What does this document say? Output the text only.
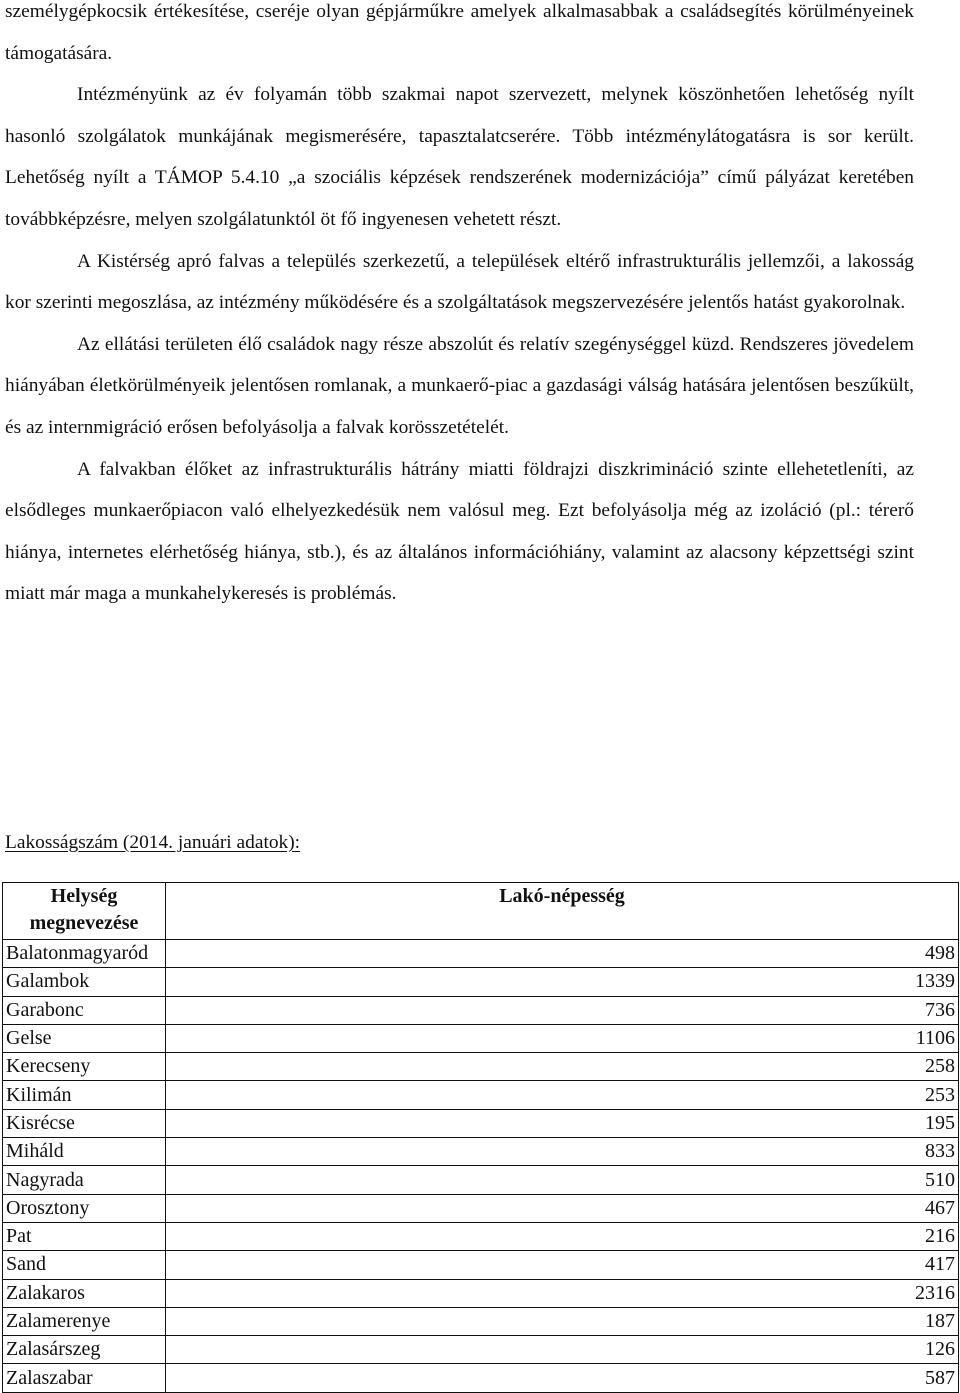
személygépkocsik értékesítése, cseréje olyan gépjárműkre amelyek alkalmasabbak a családsegítés körülményeinek támogatására.

Intézményünk az év folyamán több szakmai napot szervezett, melynek köszönhetően lehetőség nyílt hasonló szolgálatok munkájának megismerésére, tapasztalatcserére. Több intézménylátogatásra is sor került. Lehetőség nyílt a TÁMOP 5.4.10 „a szociális képzések rendszerének modernizációja” című pályázat keretében továbbképzésre, melyen szolgálatunktól öt fő ingyenesen vehetett részt.

A Kistérség apró falvas a település szerkezetű, a települések eltérő infrastrukturális jellemzői, a lakosság kor szerinti megoszlása, az intézmény működésére és a szolgáltatások megszervezésére jelentős hatást gyakorolnak.

Az ellátási területen élő családok nagy része abszolút és relatív szegénységgel küzd. Rendszeres jövedelem hiányában életkörülményeik jelentősen romlanak, a munkaerő-piac a gazdasági válság hatására jelentősen beszűkült, és az internmigráció erősen befolyásolja a falvak korösszetételét.

A falvakban élőket az infrastrukturális hátrány miatti földrajzi diszkrimináció szinte ellehetetleníti, az elsődleges munkaerőpiacon való elhelyezkedésük nem valósul meg. Ezt befolyásolja még az izoláció (pl.: térerő hiánya, internetes elérhetőség hiánya, stb.), és az általános információhiány, valamint az alacsony képzettségi szint miatt már maga a munkahelykeresés is problémás.

Lakosságszám (2014. januári adatok):

Helység megnevezése	Lakó-népesség
Balatonmagyaród	498
Galambok	1339
Garabonc	736
Gelse	1106
Kerecseny	258
Kilimán	253
Kisrécse	195
Miháld	833
Nagyrada	510
Orosztony	467
Pat	216
Sand	417
Zalakaros	2316
Zalamerenye	187
Zalasárszeg	126
Zalaszabar	587
